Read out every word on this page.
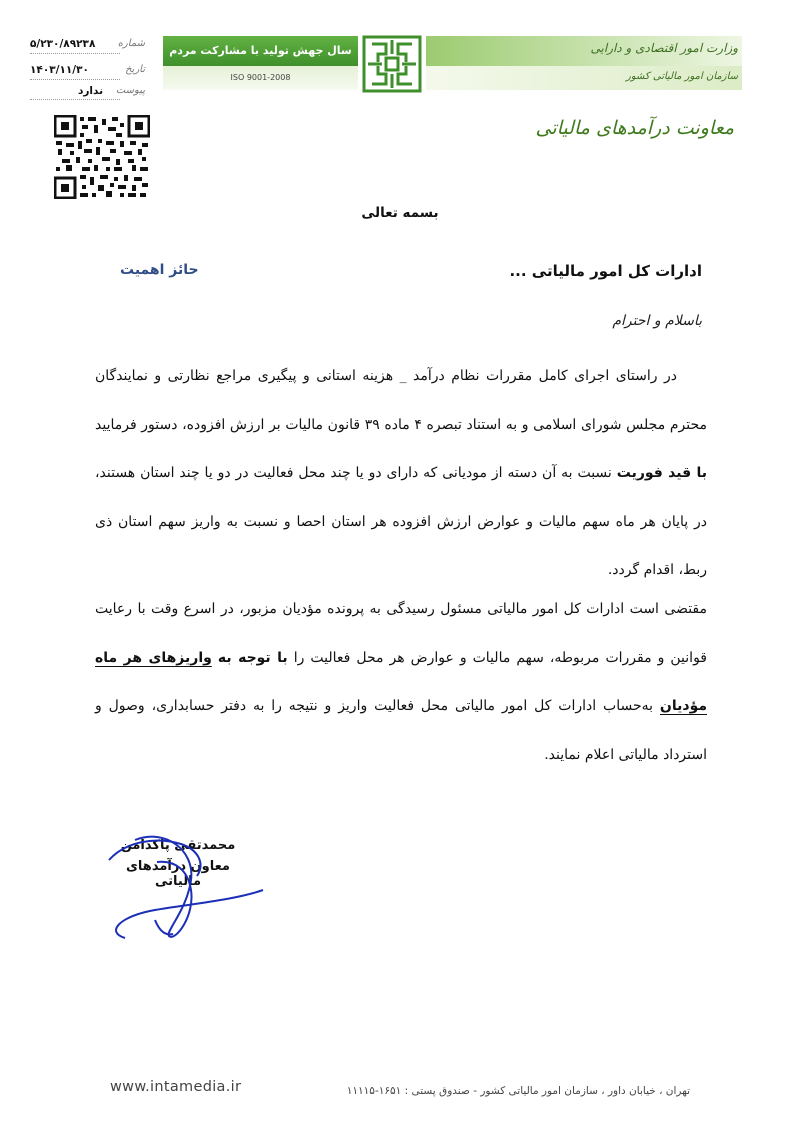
۵/۲۳۰/۸۹۲۳۸ شماره
۱۴۰۳/۱۱/۳۰	تاریخ
ندارد پیوست
سال جهش تولید با مشارکت مردم
ISO 9001-2008
وزارت امور اقتصادی و دارایی
سازمان امور مالیاتی کشور
معاونت درآمدهای مالیاتی
بسمه تعالی
ادارات کل امور مالیاتی ...
حائز اهمیت
باسلام و احترام
در راستای اجرای کامل مقررات نظام درآمد _ هزینه استانی و پیگیری مراجع نظارتی و نمایندگان محترم مجلس شورای اسلامی و به استناد تبصره ۴ ماده ۳۹ قانون مالیات بر ارزش افزوده، دستور فرمایید با قید فوریت نسبت به آن دسته از مودیانی که دارای دو یا چند محل فعالیت در دو یا چند استان هستند، در پایان هر ماه سهم مالیات و عوارض ارزش افزوده هر استان احصا و نسبت به واریز سهم استان ذی ربط، اقدام گردد.
مقتضی است ادارات کل امور مالیاتی مسئول رسیدگی به پرونده مؤدیان مزبور، در اسرع وقت با رعایت قوانین و مقررات مربوطه، سهم مالیات و عوارض هر محل فعالیت را با توجه به واریزهای هر ماه مؤدیان به‌حساب ادارات کل امور مالیاتی محل فعالیت واریز و نتیجه را به دفتر حسابداری، وصول و استرداد مالیاتی اعلام نمایند.
محمدتقی پاکدامن
معاون درآمدهای مالیاتی
www.intamedia.ir	تهران ، خیابان داور ، سازمان امور مالیاتی کشور - صندوق پستی : ۱۶۵۱-۱۱۱۱۵
